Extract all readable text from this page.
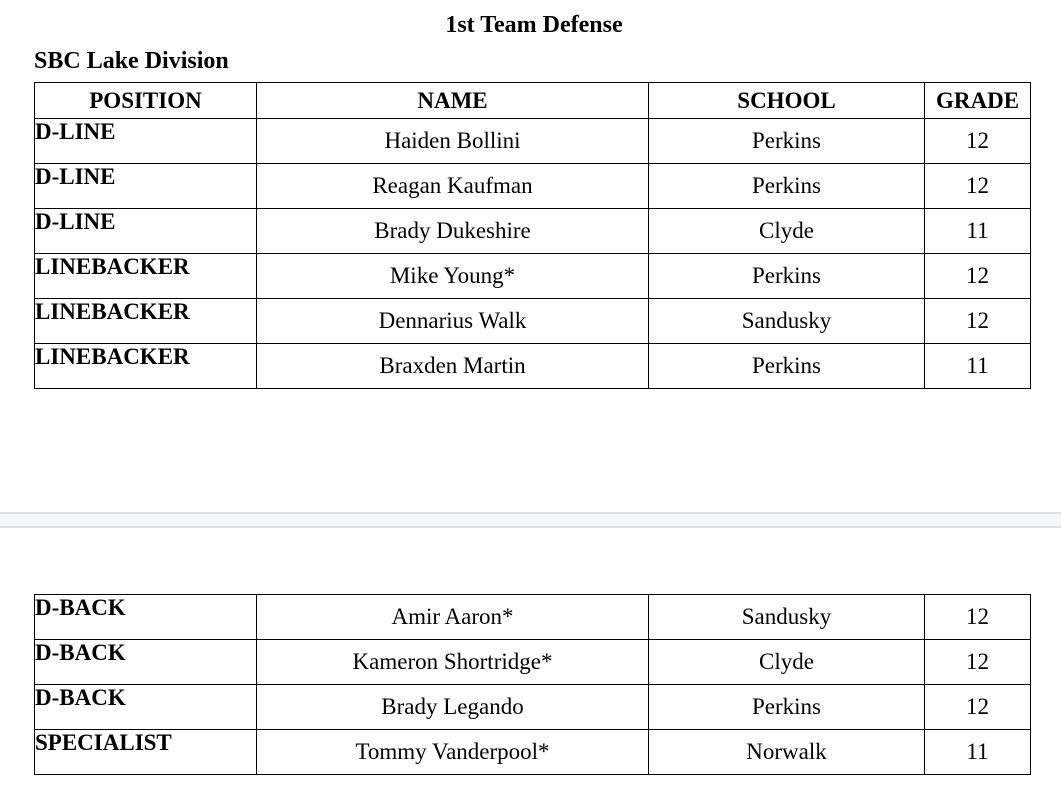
1st Team Defense
SBC Lake Division
POSITION	NAME	SCHOOL	GRADE
D-LINE	Haiden Bollini	Perkins	12
D-LINE	Reagan Kaufman	Perkins	12
D-LINE	Brady Dukeshire	Clyde	11
LINEBACKER	Mike Young*	Perkins	12
LINEBACKER	Dennarius Walk	Sandusky	12
LINEBACKER	Braxden Martin	Perkins	11
D-BACK	Amir Aaron*	Sandusky	12
D-BACK	Kameron Shortridge*	Clyde	12
D-BACK	Brady Legando	Perkins	12
SPECIALIST	Tommy Vanderpool*	Norwalk	11
